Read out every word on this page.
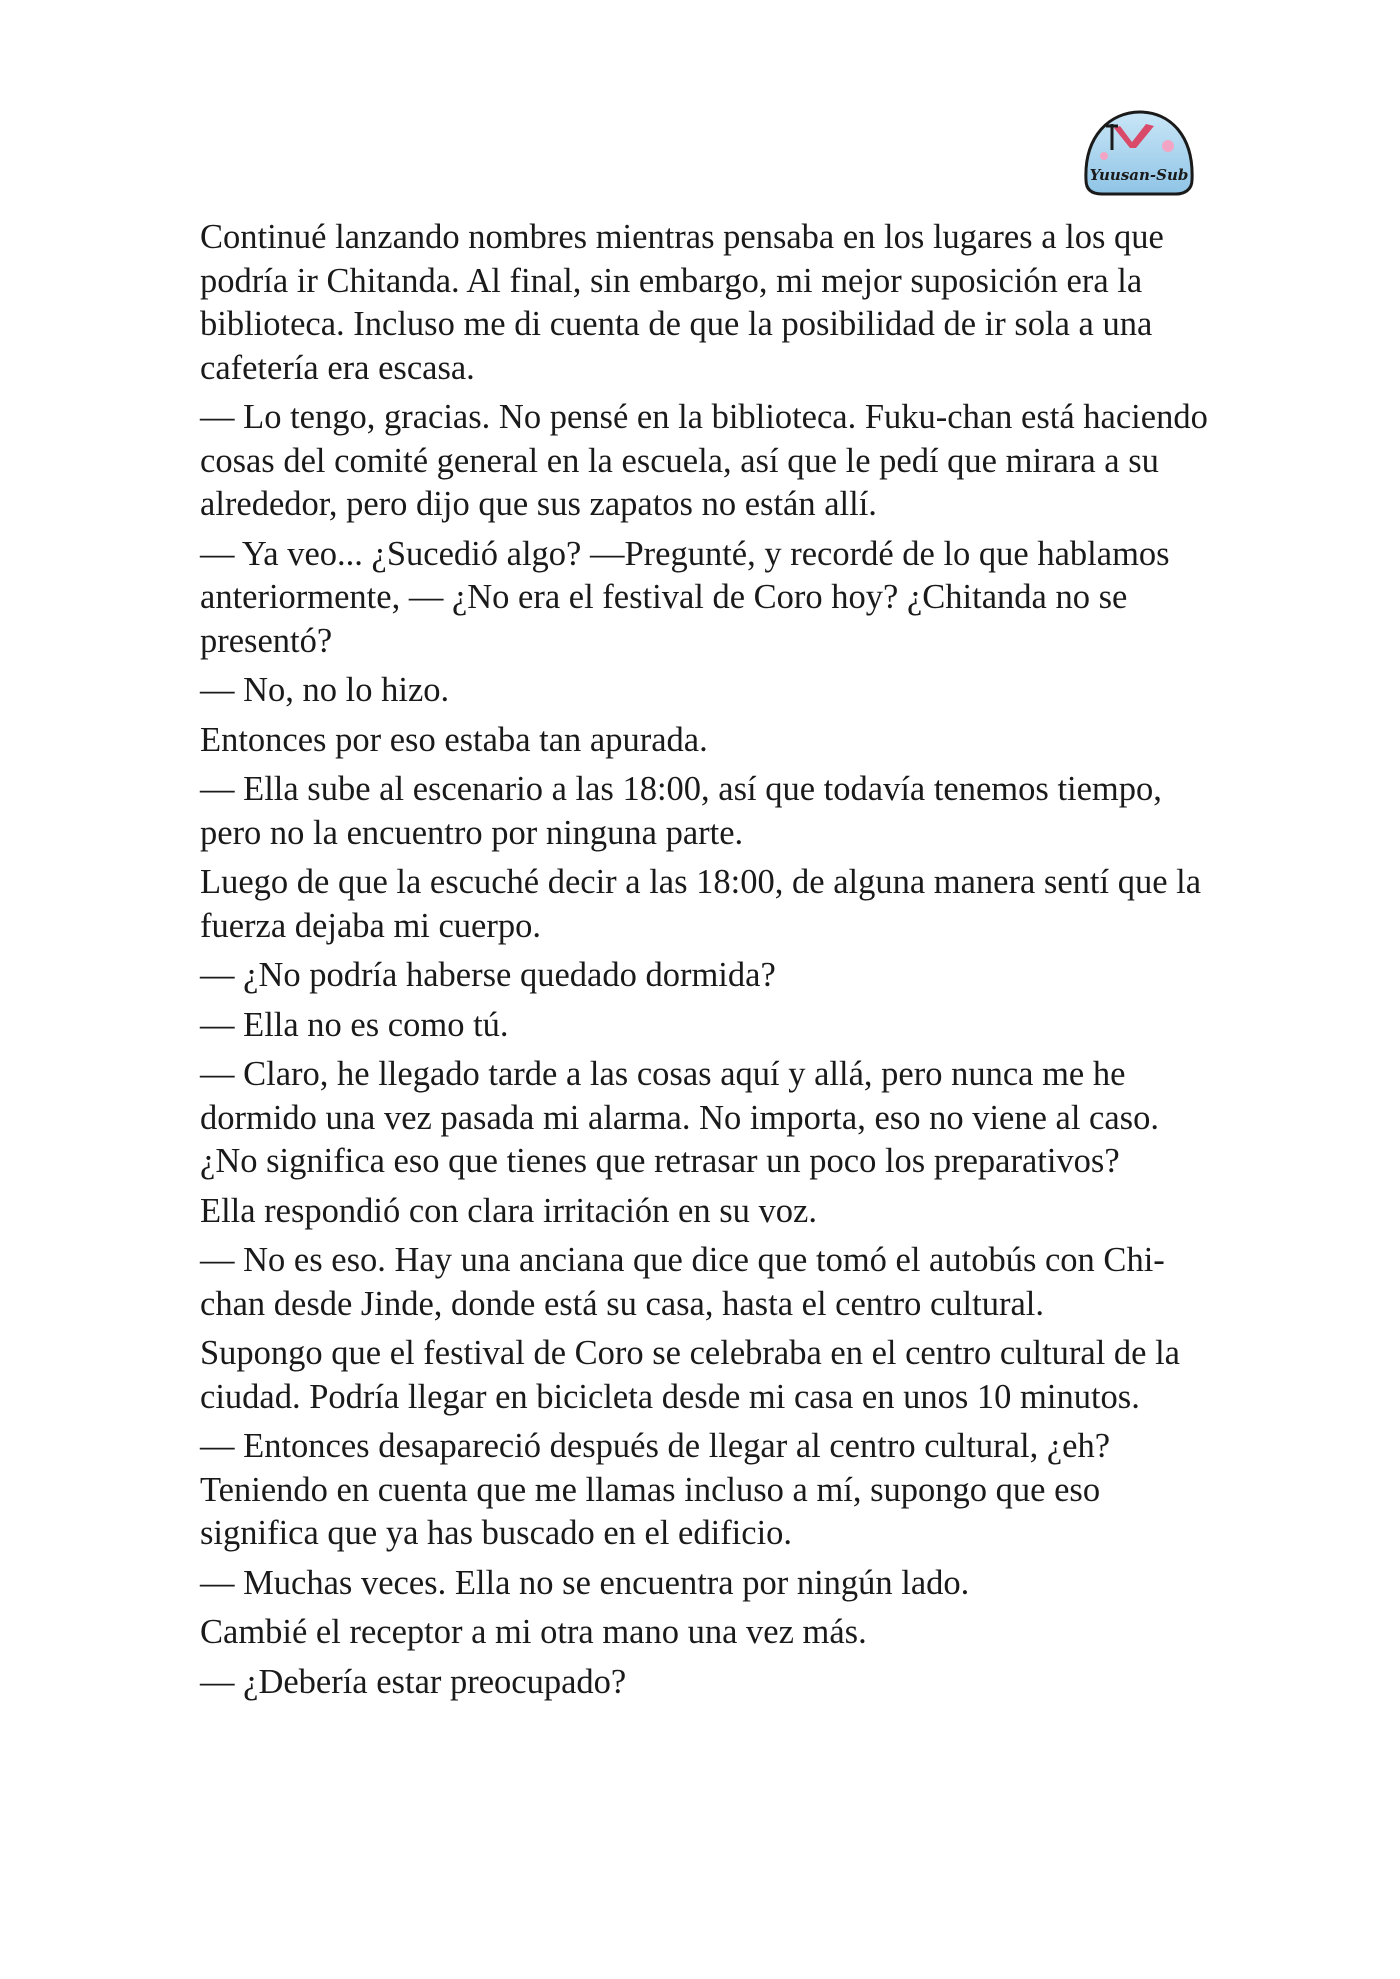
Yuusan-Sub

Continué lanzando nombres mientras pensaba en los lugares a los que podría ir Chitanda. Al final, sin embargo, mi mejor suposición era la biblioteca. Incluso me di cuenta de que la posibilidad de ir sola a una cafetería era escasa.

— Lo tengo, gracias. No pensé en la biblioteca. Fuku-chan está haciendo cosas del comité general en la escuela, así que le pedí que mirara a su alrededor, pero dijo que sus zapatos no están allí.

— Ya veo... ¿Sucedió algo? —Pregunté, y recordé de lo que hablamos anteriormente, — ¿No era el festival de Coro hoy? ¿Chitanda no se presentó?

— No, no lo hizo.

Entonces por eso estaba tan apurada.

— Ella sube al escenario a las 18:00, así que todavía tenemos tiempo, pero no la encuentro por ninguna parte.

Luego de que la escuché decir a las 18:00, de alguna manera sentí que la fuerza dejaba mi cuerpo.

— ¿No podría haberse quedado dormida?

— Ella no es como tú.

— Claro, he llegado tarde a las cosas aquí y allá, pero nunca me he dormido una vez pasada mi alarma. No importa, eso no viene al caso. ¿No significa eso que tienes que retrasar un poco los preparativos?

Ella respondió con clara irritación en su voz.

— No es eso. Hay una anciana que dice que tomó el autobús con Chi-chan desde Jinde, donde está su casa, hasta el centro cultural.

Supongo que el festival de Coro se celebraba en el centro cultural de la ciudad. Podría llegar en bicicleta desde mi casa en unos 10 minutos.

— Entonces desapareció después de llegar al centro cultural, ¿eh? Teniendo en cuenta que me llamas incluso a mí, supongo que eso significa que ya has buscado en el edificio.

— Muchas veces. Ella no se encuentra por ningún lado.

Cambié el receptor a mi otra mano una vez más.

— ¿Debería estar preocupado?
